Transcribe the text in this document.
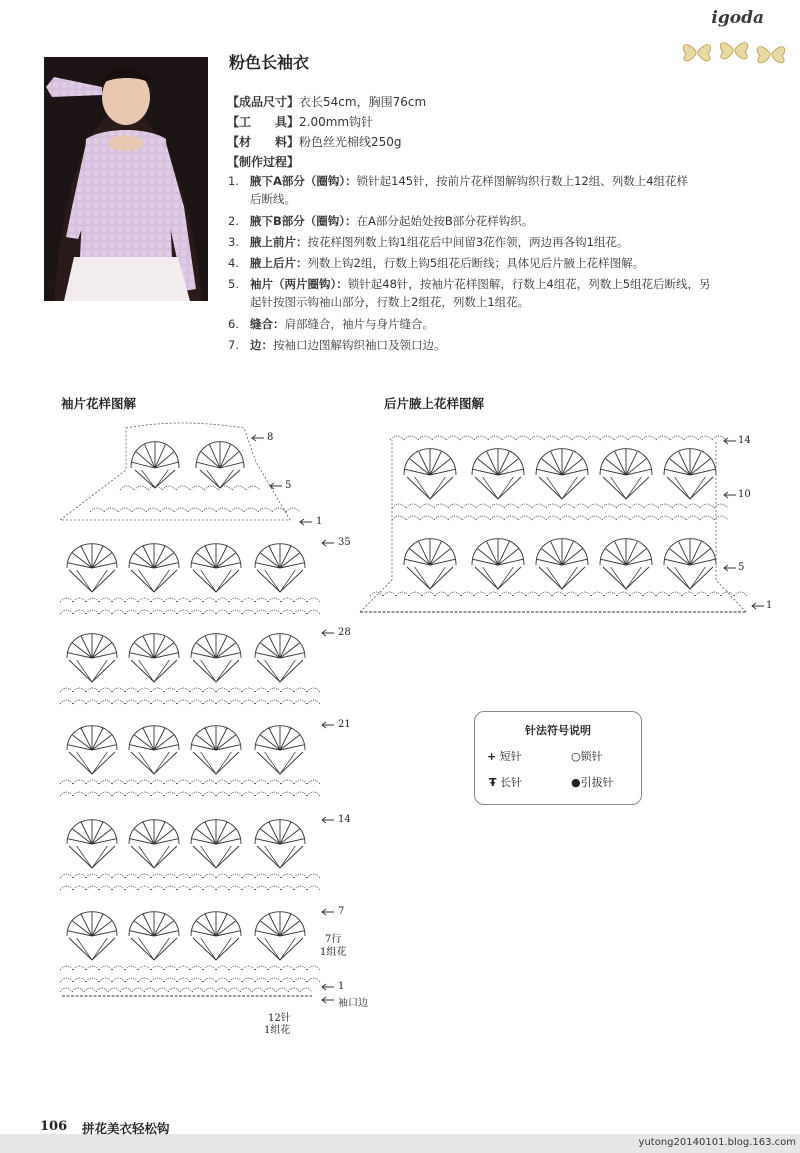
igoda
粉色长袖衣
【成品尺寸】衣长54cm，胸围76cm
【工　　具】2.00mm钩针
【材　　料】粉色丝光棉线250g
【制作过程】
1. 腋下A部分（圈钩）：锁针起145针，按前片花样图解钩织行数上12组、列数上4组花样
后断线。
2. 腋下B部分（圈钩）：在A部分起始处按B部分花样钩织。
3. 腋上前片：按花样图列数上钩1组花后中间留3花作领，两边再各钩1组花。
4. 腋上后片：列数上钩2组，行数上钩5组花后断线；具体见后片腋上花样图解。
5. 袖片（两片圈钩）：锁针起48针，按袖片花样图解，行数上4组花，列数上5组花后断线，另
起针按图示钩袖山部分，行数上2组花，列数上1组花。
6. 缝合：肩部缝合，袖片与身片缝合。
7. 边：按袖口边图解钩织袖口及领口边。
袖片花样图解	后片腋上花样图解
8
5
1
35
28
21
14
7
7行
1组花
1
袖口边
12针
1组花
14
10
5
1
针法符号说明
+ 短针	○锁针
Ŧ 长针	●引拔针
106 拼花美衣轻松钩
yutong20140101.blog.163.com
